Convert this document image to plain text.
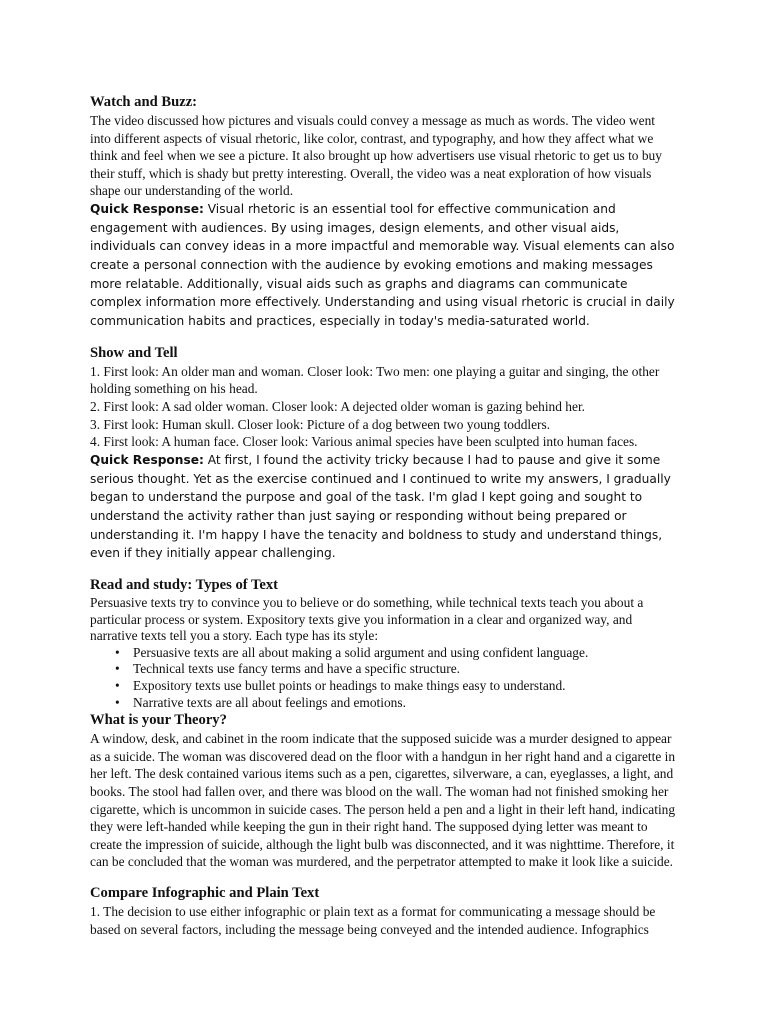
Watch and Buzz:

The video discussed how pictures and visuals could convey a message as much as words. The video went into different aspects of visual rhetoric, like color, contrast, and typography, and how they affect what we think and feel when we see a picture. It also brought up how advertisers use visual rhetoric to get us to buy their stuff, which is shady but pretty interesting. Overall, the video was a neat exploration of how visuals shape our understanding of the world.

Quick Response: Visual rhetoric is an essential tool for effective communication and engagement with audiences. By using images, design elements, and other visual aids, individuals can convey ideas in a more impactful and memorable way. Visual elements can also create a personal connection with the audience by evoking emotions and making messages more relatable. Additionally, visual aids such as graphs and diagrams can communicate complex information more effectively. Understanding and using visual rhetoric is crucial in daily communication habits and practices, especially in today's media-saturated world.

Show and Tell

1. First look: An older man and woman. Closer look: Two men: one playing a guitar and singing, the other holding something on his head.

2. First look: A sad older woman. Closer look: A dejected older woman is gazing behind her.

3. First look: Human skull. Closer look: Picture of a dog between two young toddlers.

4. First look: A human face. Closer look: Various animal species have been sculpted into human faces.

Quick Response: At first, I found the activity tricky because I had to pause and give it some serious thought. Yet as the exercise continued and I continued to write my answers, I gradually began to understand the purpose and goal of the task. I'm glad I kept going and sought to understand the activity rather than just saying or responding without being prepared or understanding it. I'm happy I have the tenacity and boldness to study and understand things, even if they initially appear challenging.

Read and study: Types of Text

Persuasive texts try to convince you to believe or do something, while technical texts teach you about a particular process or system. Expository texts give you information in a clear and organized way, and narrative texts tell you a story. Each type has its style:

• Persuasive texts are all about making a solid argument and using confident language.
• Technical texts use fancy terms and have a specific structure.
• Expository texts use bullet points or headings to make things easy to understand.
• Narrative texts are all about feelings and emotions.
What is your Theory?

A window, desk, and cabinet in the room indicate that the supposed suicide was a murder designed to appear as a suicide. The woman was discovered dead on the floor with a handgun in her right hand and a cigarette in her left. The desk contained various items such as a pen, cigarettes, silverware, a can, eyeglasses, a light, and books. The stool had fallen over, and there was blood on the wall. The woman had not finished smoking her cigarette, which is uncommon in suicide cases. The person held a pen and a light in their left hand, indicating they were left-handed while keeping the gun in their right hand. The supposed dying letter was meant to create the impression of suicide, although the light bulb was disconnected, and it was nighttime. Therefore, it can be concluded that the woman was murdered, and the perpetrator attempted to make it look like a suicide.

Compare Infographic and Plain Text

1. The decision to use either infographic or plain text as a format for communicating a message should be based on several factors, including the message being conveyed and the intended audience. Infographics
